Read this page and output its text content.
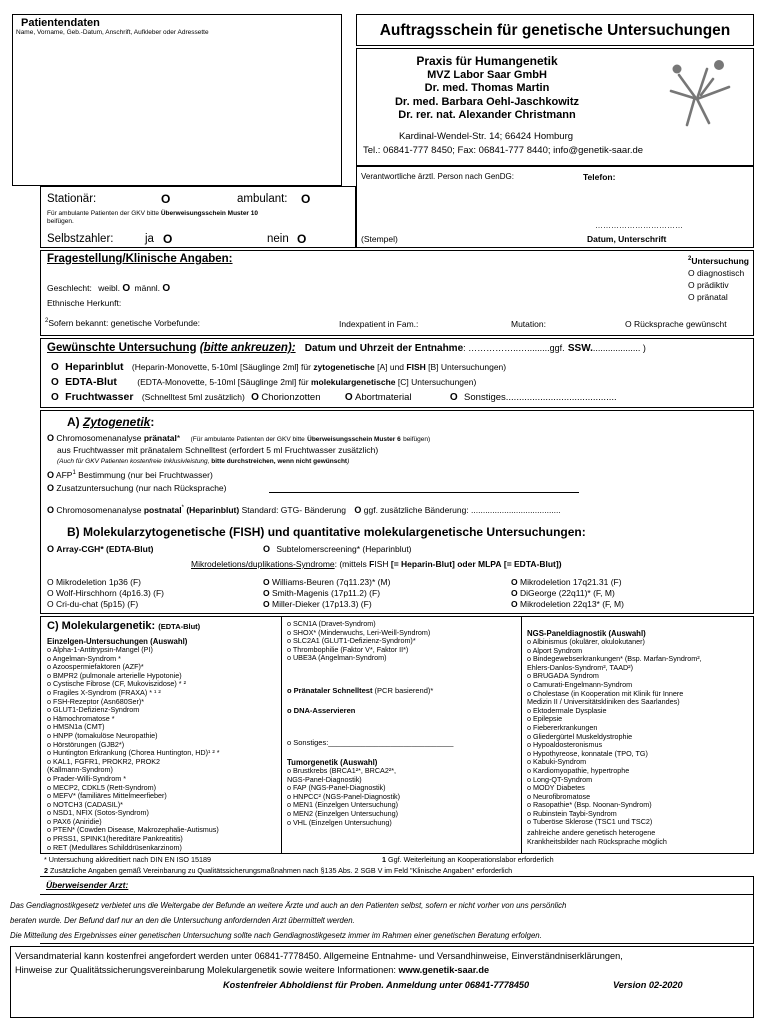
Patientendaten
Name, Vorname, Geb.-Datum, Anschrift, Aufkleber oder Adressette	Auftragsschein für genetische Untersuchungen
Praxis für Humangenetik
MVZ Labor Saar GmbH
Dr. med. Thomas Martin
Dr. med. Barbara Oehl-Jaschkowitz
Dr. rer. nat. Alexander Christmann
Kardinal-Wendel-Str. 14; 66424 Homburg
Tel.: 06841-777 8450; Fax: 06841-777 8440; info@genetik-saar.de
Verantwortliche ärztl. Person nach GenDG:	Telefon:
……………………………
(Stempel)	Datum, Unterschrift
Stationär:	O	ambulant: O
Für ambulante Patienten der GKV bitte Überweisungsschein Muster 10
beifügen.
Selbstzahler:	ja O	nein O
Fragestellung/Klinische Angaben:	$^2$Untersuchung
O diagnostisch
O prädiktiv
O pränatal
Geschlecht: weibl. O männl. O
Ethnische Herkunft:
$^2$Sofern bekannt: genetische Vorbefunde:	Indexpatient in Fam.:	Mutation:	O Rücksprache gewünscht
Gewünschte Untersuchung (bitte ankreuzen): Datum und Uhrzeit der Entnahme: ……………..….........ggf. SSW.................... )
O Heparinblut (Heparin-Monovette, 5-10ml [Säuglinge 2ml] für zytogenetische [A] und FISH [B] Untersuchungen)
O EDTA-Blut (EDTA-Monovette, 5-10ml [Säuglinge 2ml] für molekulargenetische [C] Untersuchungen)
O Fruchtwasser (Schnelltest 5ml zusätzlich) O Chorionzotten O Abortmaterial	O Sonstiges..........................................
A) Zytogenetik:
O Chromosomenanalyse pränatal* (Für ambulante Patienten der GKV bitte Überweisungsschein Muster 6 beifügen)
aus Fruchtwasser mit pränatalem Schnelltest (erfordert 5 ml Fruchtwasser zusätzlich)
(Auch für GKV Patienten kostenfreie Inklusivleistung, bitte durchstreichen, wenn nicht gewünscht)
O AFP$^1$ Bestimmung (nur bei Fruchtwasser)
O Zusatzuntersuchung (nur nach Rücksprache)
O Chromosomenanalyse postnatal* (Heparinblut) Standard: GTG- Bänderung O ggf. zusätzliche Bänderung: ......................................
B) Molekularzytogenetische (FISH) und quantitative molekulargenetische Untersuchungen:
O Array-CGH* (EDTA-Blut)	O Subtelomerscreening* (Heparinblut)
Mikrodeletions/duplikations-Syndrome: (mittels FISH [= Heparin-Blut] oder MLPA [= EDTA-Blut])
O Mikrodeletion 1p36 (F)
O Wolf-Hirschhorn (4p16.3) (F)
O Cri-du-chat (5p15) (F)
O Williams-Beuren (7q11.23)* (M)
O Smith-Magenis (17p11.2) (F)
O Miller-Dieker (17p13.3) (F)
O Mikrodeletion 17q21.31 (F)
O DiGeorge (22q11)* (F, M)
O Mikrodeletion 22q13* (F, M)
C) Molekulargenetik: (EDTA-Blut)
Einzelgen-Untersuchungen (Auswahl)
o Alpha-1-Antitrypsin-Mangel (PI)
o Angelman-Syndrom *
o Azoospermiefaktoren (AZF)*
o BMPR2 (pulmonale arterielle Hypotonie)
o Cystische Fibrose (CF, Mukoviszidose) * ²
o Fragiles X-Syndrom (FRAXA) * ¹ ²
o FSH-Rezeptor (Asn680Ser)*
o GLUT1-Defizienz-Syndrom
o Hämochromatose *
o HMSN1a (CMT)
o HNPP (tomakulöse Neuropathie)
o Hörstörungen (GJB2*)
o Huntington Erkrankung (Chorea Huntington, HD)¹ ² *
o KAL1, FGFR1, PROKR2, PROK2
(Kallmann-Syndrom)
o Prader-Willi-Syndrom *
o MECP2, CDKL5 (Rett-Syndrom)
o MEFV* (familiäres Mittelmeerfieber)
o NOTCH3 (CADASIL)*
o NSD1, NFIX (Sotos-Syndrom)
o PAX6 (Aniridie)
o PTEN* (Cowden Disease, Makrozephalie-Autismus)
o PRSS1, SPINK1(hereditäre Pankreatitis)
o RET (Medulläres Schilddrüsenkarzinom)
o SCN1A (Dravet-Syndrom)
o SHOX* (Minderwuchs, Leri-Weill-Syndrom)
o SLC2A1 (GLUT1-Defizienz-Syndrom)*
o Thrombophilie (Faktor V*, Faktor II*)
o UBE3A (Angelman-Syndrom)
o Pränataler Schnelltest (PCR basierend)*
o DNA-Asservieren
o Sonstiges:______________________________
Tumorgenetik (Auswahl)
o Brustkrebs (BRCA1²*, BRCA2²*,
NGS-Panel-Diagnostik)
o FAP (NGS-Panel-Diagnostik)
o HNPCC² (NGS-Panel-Diagnostik)
o MEN1 (Einzelgen Untersuchung)
o MEN2 (Einzelgen Untersuchung)
o VHL (Einzelgen Untersuchung)
NGS-Paneldiagnostik (Auswahl)
o Albinismus (okulärer, okulokutaner)
o Alport Syndrom
o Bindegewebserkrankungen* (Bsp. Marfan-Syndrom²,
Ehlers-Danlos-Syndrom², TAAD²)
o BRUGADA Syndrom
o Camurati-Engelmann-Syndrom
o Cholestase (in Kooperation mit Klinik für Innere
Medizin II / Universitätskliniken des Saarlandes)
o Ektodermale Dysplasie
o Epilepsie
o Fiebererkrankungen
o Gliedergürtel Muskeldystrophie
o Hypoaldosteronismus
o Hypothyreose, konnatale (TPO, TG)
o Kabuki-Syndrom
o Kardiomyopathie, hypertrophe
o Long-QT-Syndrom
o MODY Diabetes
o Neurofibromatose
o Rasopathie* (Bsp. Noonan-Syndrom)
o Rubinstein Taybi-Syndrom
o Tuberöse Sklerose (TSC1 und TSC2)
zahlreiche andere genetisch heterogene
Krankheitsbilder nach Rücksprache möglich
* Untersuchung akkreditiert nach DIN EN ISO 15189	1 Ggf. Weiterleitung an Kooperationslabor erforderlich
2 Zusätzliche Angaben gemäß Vereinbarung zu Qualitätssicherungsmaßnahmen nach §135 Abs. 2 SGB V im Feld "Klinische Angaben" erforderlich
Überweisender Arzt:
Das Gendiagnostikgesetz verbietet uns die Weitergabe der Befunde an weitere Ärzte und auch an den Patienten selbst, sofern er nicht vorher von uns persönlich
beraten wurde. Der Befund darf nur an den die Untersuchung anfordernden Arzt übermittelt werden.
Die Mitteilung des Ergebnisses einer genetischen Untersuchung sollte nach Gendiagnostikgesetz immer im Rahmen einer genetischen Beratung erfolgen.
Versandmaterial kann kostenfrei angefordert werden unter 06841-7778450. Allgemeine Entnahme- und Versandhinweise, Einverständniserklärungen,
Hinweise zur Qualitätssicherungsvereinbarung Molekulargenetik sowie weitere Informationen: www.genetik-saar.de
Kostenfreier Abholdienst für Proben. Anmeldung unter 06841-7778450	Version 02-2020
